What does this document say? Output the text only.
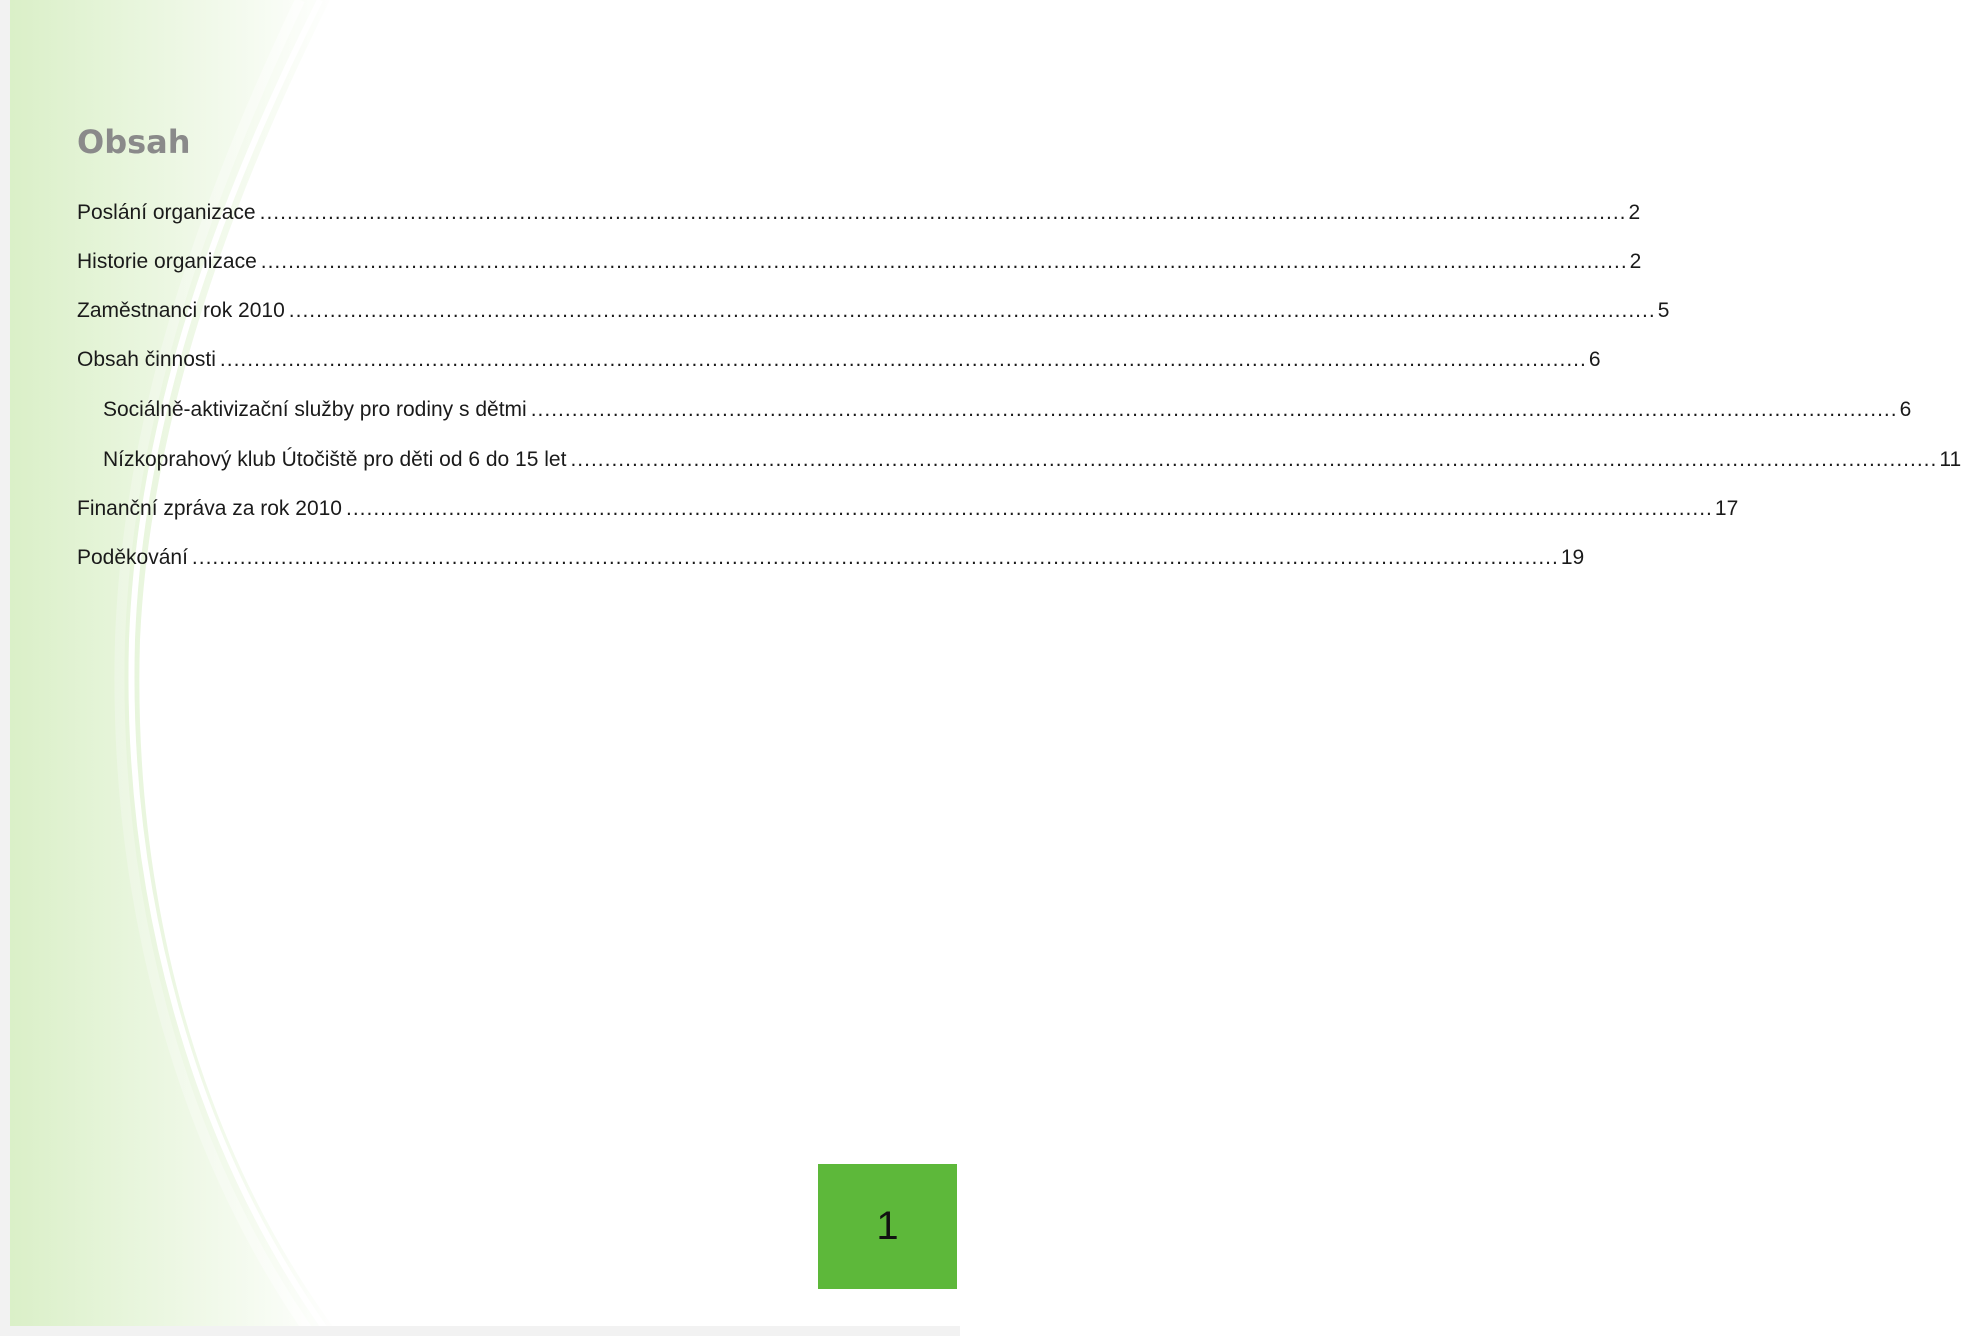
Obsah
Poslání organizace ........................................................................................................................................................................................................ 2
Historie organizace ........................................................................................................................................................................................................ 2
Zaměstnanci rok 2010 ........................................................................................................................................................................................................ 5
Obsah činnosti ........................................................................................................................................................................................................ 6
Sociálně-aktivizační služby pro rodiny s dětmi ........................................................................................................................................................................................................ 6
Nízkoprahový klub Útočiště pro děti od 6 do 15 let ........................................................................................................................................................................................................ 11
Finanční zpráva za rok 2010 ........................................................................................................................................................................................................ 17
Poděkování ........................................................................................................................................................................................................ 19
1
